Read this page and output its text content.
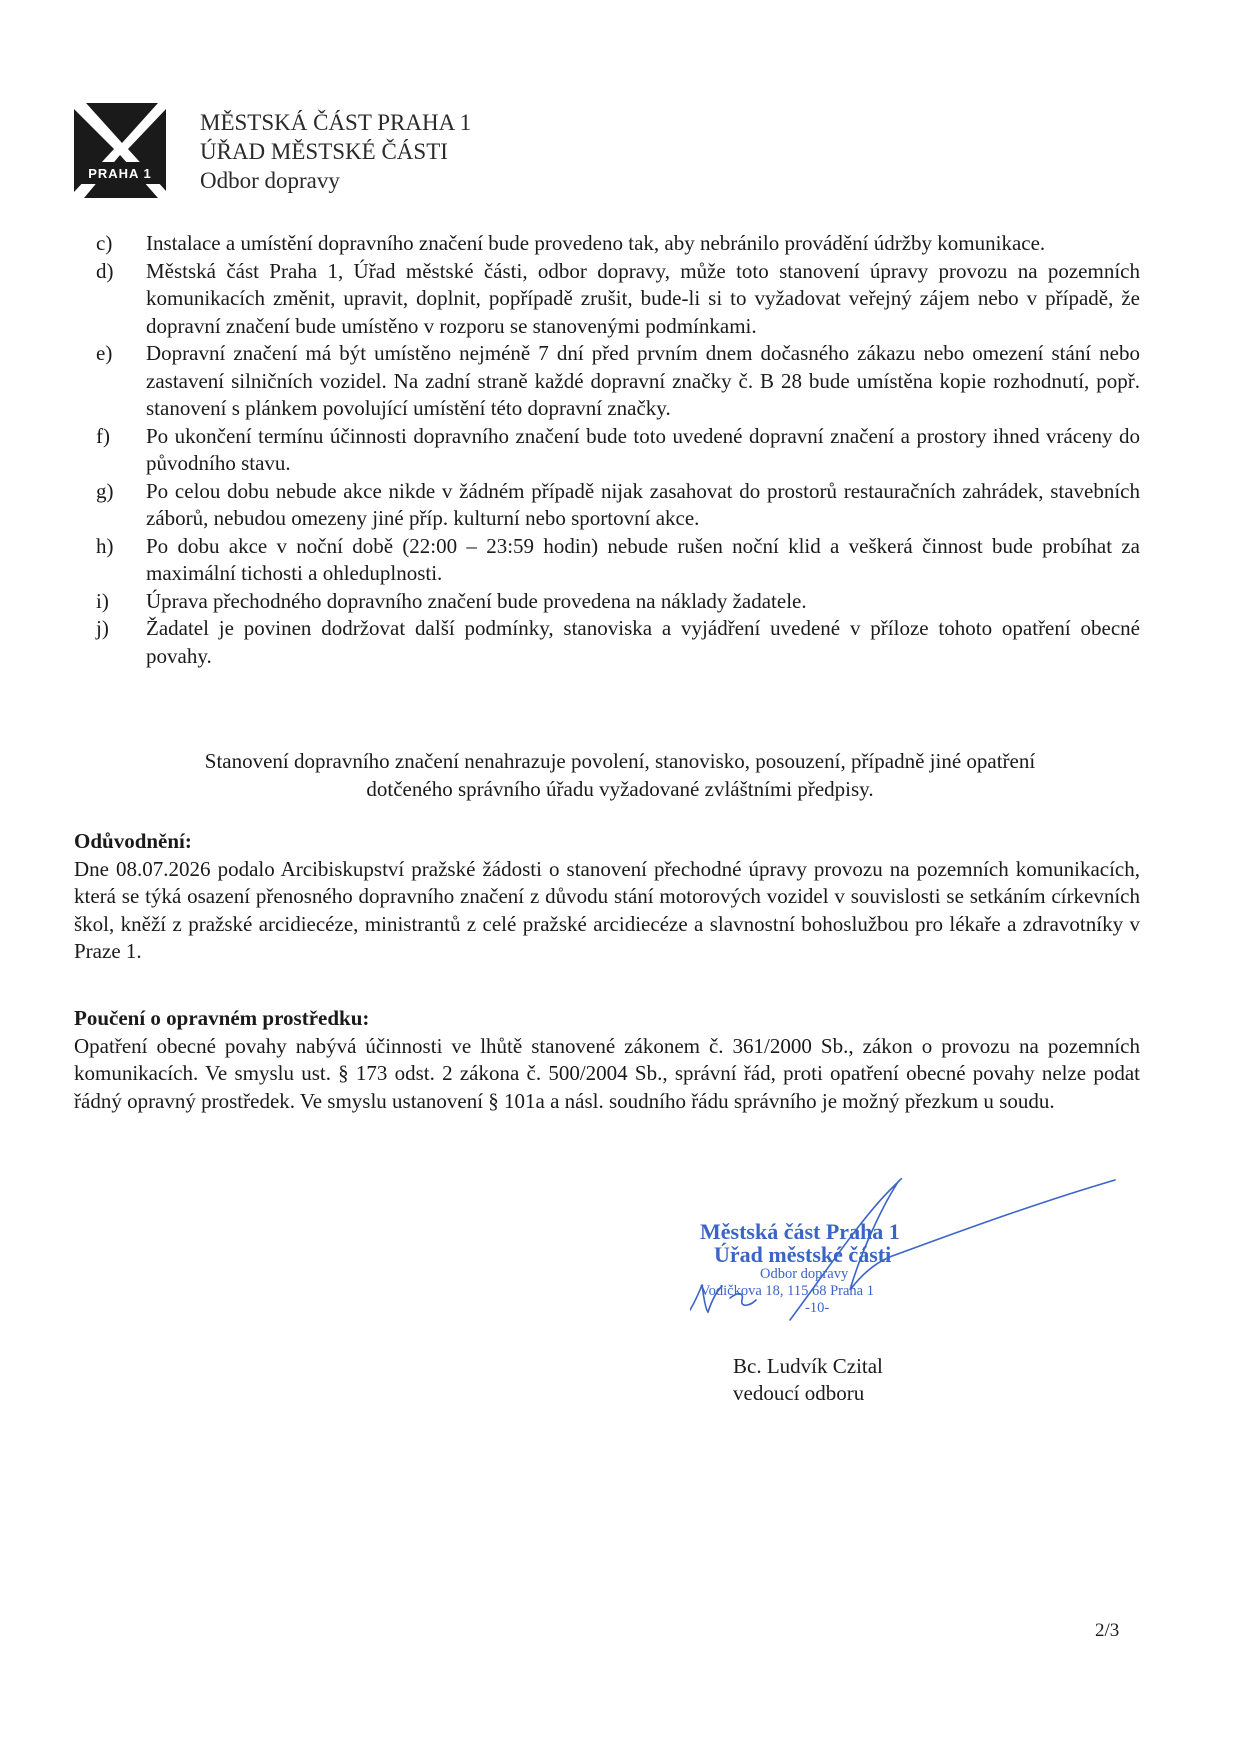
PRAHA 1
MĚSTSKÁ ČÁST PRAHA 1
ÚŘAD MĚSTSKÉ ČÁSTI
Odbor dopravy
c)	Instalace a umístění dopravního značení bude provedeno tak, aby nebránilo provádění údržby komunikace.
d)	Městská část Praha 1, Úřad městské části, odbor dopravy, může toto stanovení úpravy provozu na pozemních komunikacích změnit, upravit, doplnit, popřípadě zrušit, bude-li si to vyžadovat veřejný zájem nebo v případě, že dopravní značení bude umístěno v rozporu se stanovenými podmínkami.
e)	Dopravní značení má být umístěno nejméně 7 dní před prvním dnem dočasného zákazu nebo omezení stání nebo zastavení silničních vozidel. Na zadní straně každé dopravní značky č. B 28 bude umístěna kopie rozhodnutí, popř. stanovení s plánkem povolující umístění této dopravní značky.
f)	Po ukončení termínu účinnosti dopravního značení bude toto uvedené dopravní značení a prostory ihned vráceny do původního stavu.
g)	Po celou dobu nebude akce nikde v žádném případě nijak zasahovat do prostorů restauračních zahrádek, stavebních záborů, nebudou omezeny jiné příp. kulturní nebo sportovní akce.
h)	Po dobu akce v noční době (22:00 – 23:59 hodin) nebude rušen noční klid a veškerá činnost bude probíhat za maximální tichosti a ohleduplnosti.
i)	Úprava přechodného dopravního značení bude provedena na náklady žadatele.
j)	Žadatel je povinen dodržovat další podmínky, stanoviska a vyjádření uvedené v příloze tohoto opatření obecné povahy.
Stanovení dopravního značení nenahrazuje povolení, stanovisko, posouzení, případně jiné opatření
dotčeného správního úřadu vyžadované zvláštními předpisy.
Odůvodnění:
Dne 08.07.2026 podalo Arcibiskupství pražské žádosti o stanovení přechodné úpravy provozu na pozemních komunikacích, která se týká osazení přenosného dopravního značení z důvodu stání motorových vozidel v souvislosti se setkáním církevních škol, kněží z pražské arcidiecéze, ministrantů z celé pražské arcidiecéze a slavnostní bohoslužbou pro lékaře a zdravotníky v Praze 1.
Poučení o opravném prostředku:
Opatření obecné povahy nabývá účinnosti ve lhůtě stanovené zákonem č. 361/2000 Sb., zákon o provozu na pozemních komunikacích. Ve smyslu ust. § 173 odst. 2 zákona č. 500/2004 Sb., správní řád, proti opatření obecné povahy nelze podat řádný opravný prostředek. Ve smyslu ustanovení § 101a a násl. soudního řádu správního je možný přezkum u soudu.
Městská část Praha 1
Úřad městské části
Odbor dopravy
Vodičkova 18, 115 68 Praha 1
-10-
Bc. Ludvík Czital
vedoucí odboru
2/3
